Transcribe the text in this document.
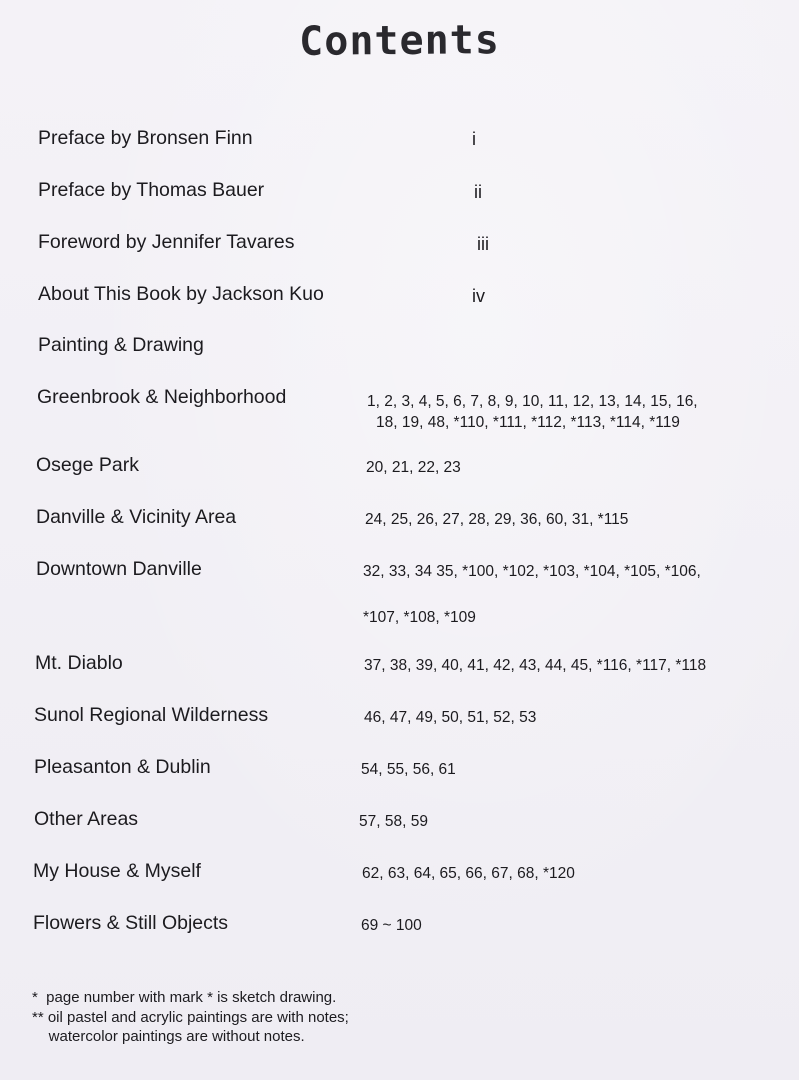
Contents
Preface by Bronsen Finn	i
Preface by Thomas Bauer	ii
Foreword by Jennifer Tavares	iii
About This Book by Jackson Kuo	iv
Painting & Drawing
Greenbrook & Neighborhood	1, 2, 3, 4, 5, 6, 7, 8, 9, 10, 11, 12, 13, 14, 15, 16,
18, 19, 48, *110, *111, *112, *113, *114, *119
Osege Park	20, 21, 22, 23
Danville & Vicinity Area	24, 25, 26, 27, 28, 29, 36, 60, 31, *115
Downtown Danville	32, 33, 34 35, *100, *102, *103, *104, *105, *106,
*107, *108, *109
Mt. Diablo	37, 38, 39, 40, 41, 42, 43, 44, 45, *116, *117, *118
Sunol Regional Wilderness	46, 47, 49, 50, 51, 52, 53
Pleasanton & Dublin	54, 55, 56, 61
Other Areas	57, 58, 59
My House & Myself	62, 63, 64, 65, 66, 67, 68, *120
Flowers & Still Objects	69 ~ 100
*  page number with mark * is sketch drawing.
** oil pastel and acrylic paintings are with notes;
watercolor paintings are without notes.
